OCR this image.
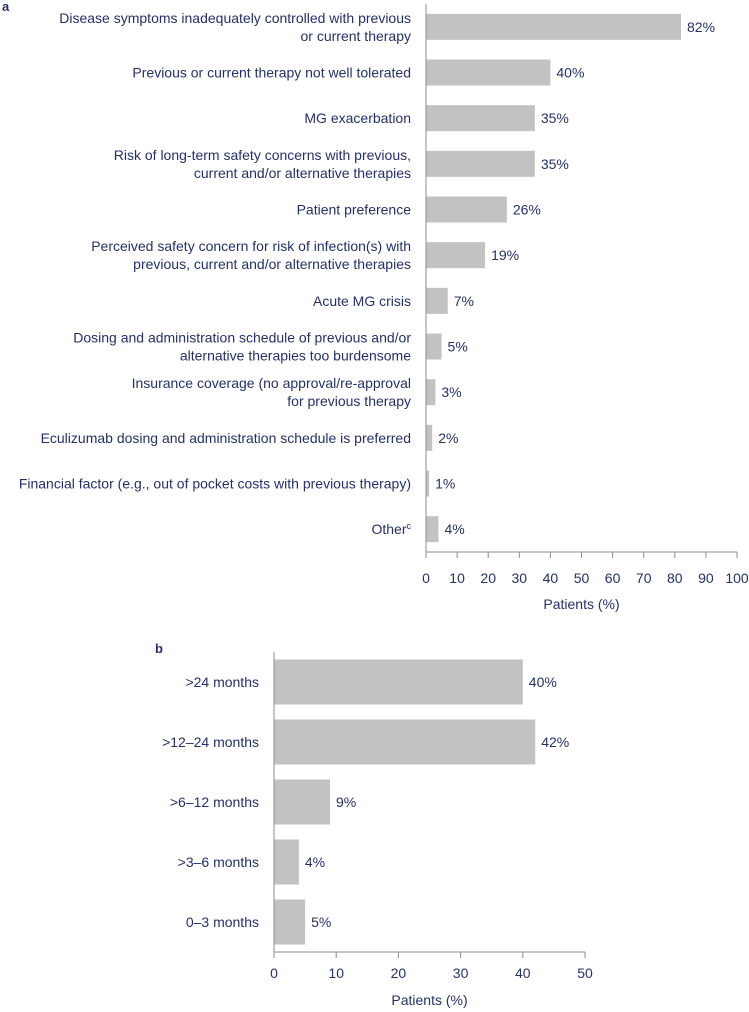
a
82%
Disease symptoms inadequately controlled with previous
or current therapy
40%
Previous or current therapy not well tolerated
35%
MG exacerbation
35%
Risk of long-term safety concerns with previous,
current and/or alternative therapies
26%
Patient preference
19%
Perceived safety concern for risk of infection(s) with
previous, current and/or alternative therapies
7%
Acute MG crisis
5%
Dosing and administration schedule of previous and/or
alternative therapies too burdensome
3%
Insurance coverage (no approval/re-approval
for previous therapy
2%
Eculizumab dosing and administration schedule is preferred
1%
Financial factor (e.g., out of pocket costs with previous therapy)
4%
Other$^c$
0 10 20 30 40 50 60 70 80 90 100
Patients (%)
b
40%
>24 months
42%
>12–24 months
9%
>6–12 months
4%
>3–6 months
5%
0–3 months
0	10	20	30	40	50
Patients (%)
